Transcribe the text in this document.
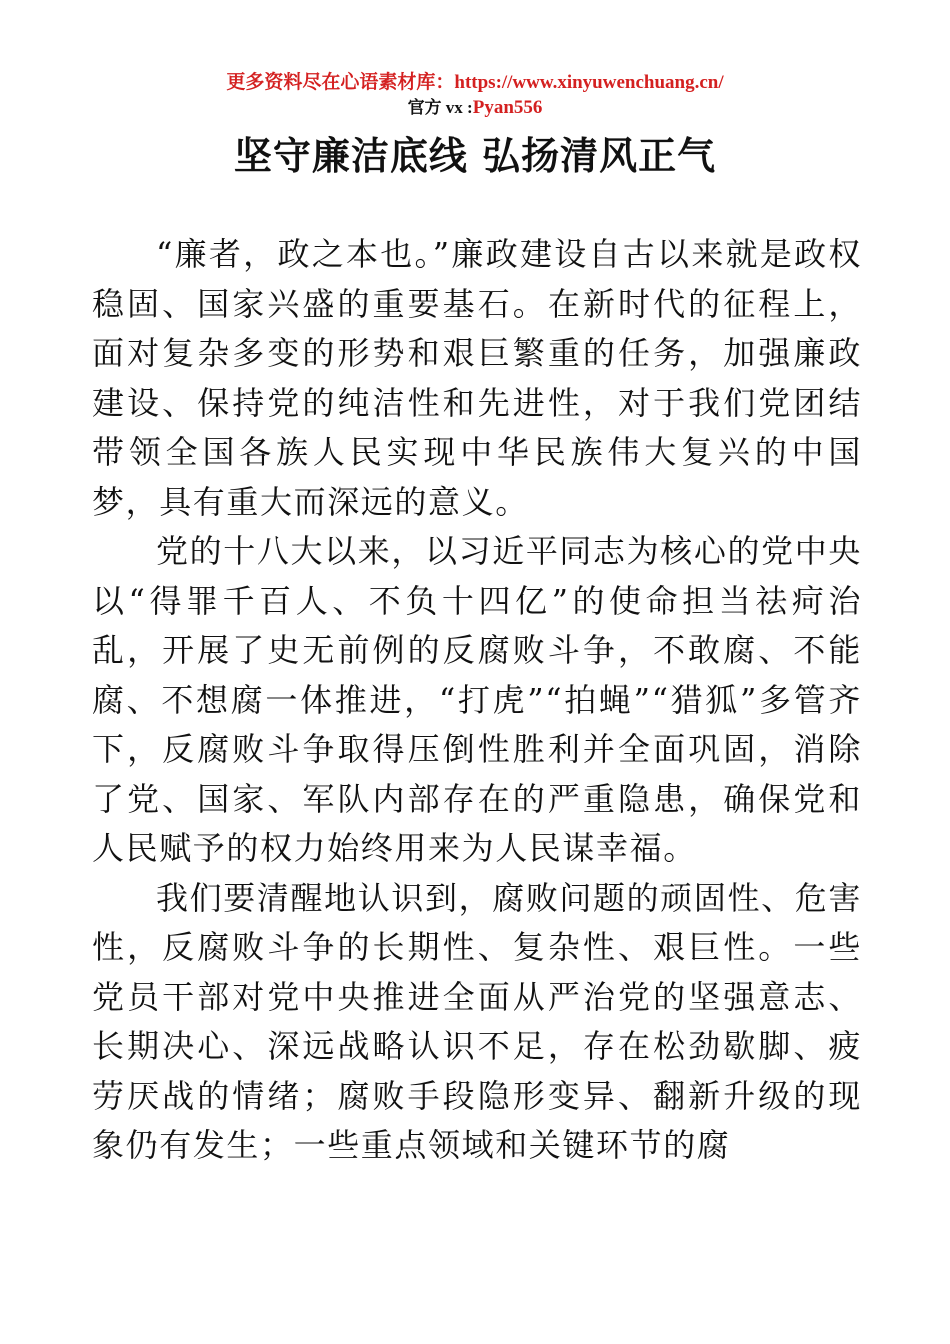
更多资料尽在心语素材库：https://www.xinyuwenchuang.cn/
官方 vx :Pyan556
坚守廉洁底线 弘扬清风正气

“廉者，政之本也。”廉政建设自古以来就是政权稳固、国家兴盛的重要基石。在新时代的征程上，面对复杂多变的形势和艰巨繁重的任务，加强廉政建设、保持党的纯洁性和先进性，对于我们党团结带领全国各族人民实现中华民族伟大复兴的中国梦，具有重大而深远的意义。

党的十八大以来，以习近平同志为核心的党中央以“得罪千百人、不负十四亿”的使命担当祛疴治乱，开展了史无前例的反腐败斗争，不敢腐、不能腐、不想腐一体推进，“打虎”“拍蝇”“猎狐”多管齐下，反腐败斗争取得压倒性胜利并全面巩固，消除了党、国家、军队内部存在的严重隐患，确保党和人民赋予的权力始终用来为人民谋幸福。

我们要清醒地认识到，腐败问题的顽固性、危害性，反腐败斗争的长期性、复杂性、艰巨性。一些党员干部对党中央推进全面从严治党的坚强意志、长期决心、深远战略认识不足，存在松劲歇脚、疲劳厌战的情绪；腐败手段隐形变异、翻新升级的现象仍有发生；一些重点领域和关键环节的腐
